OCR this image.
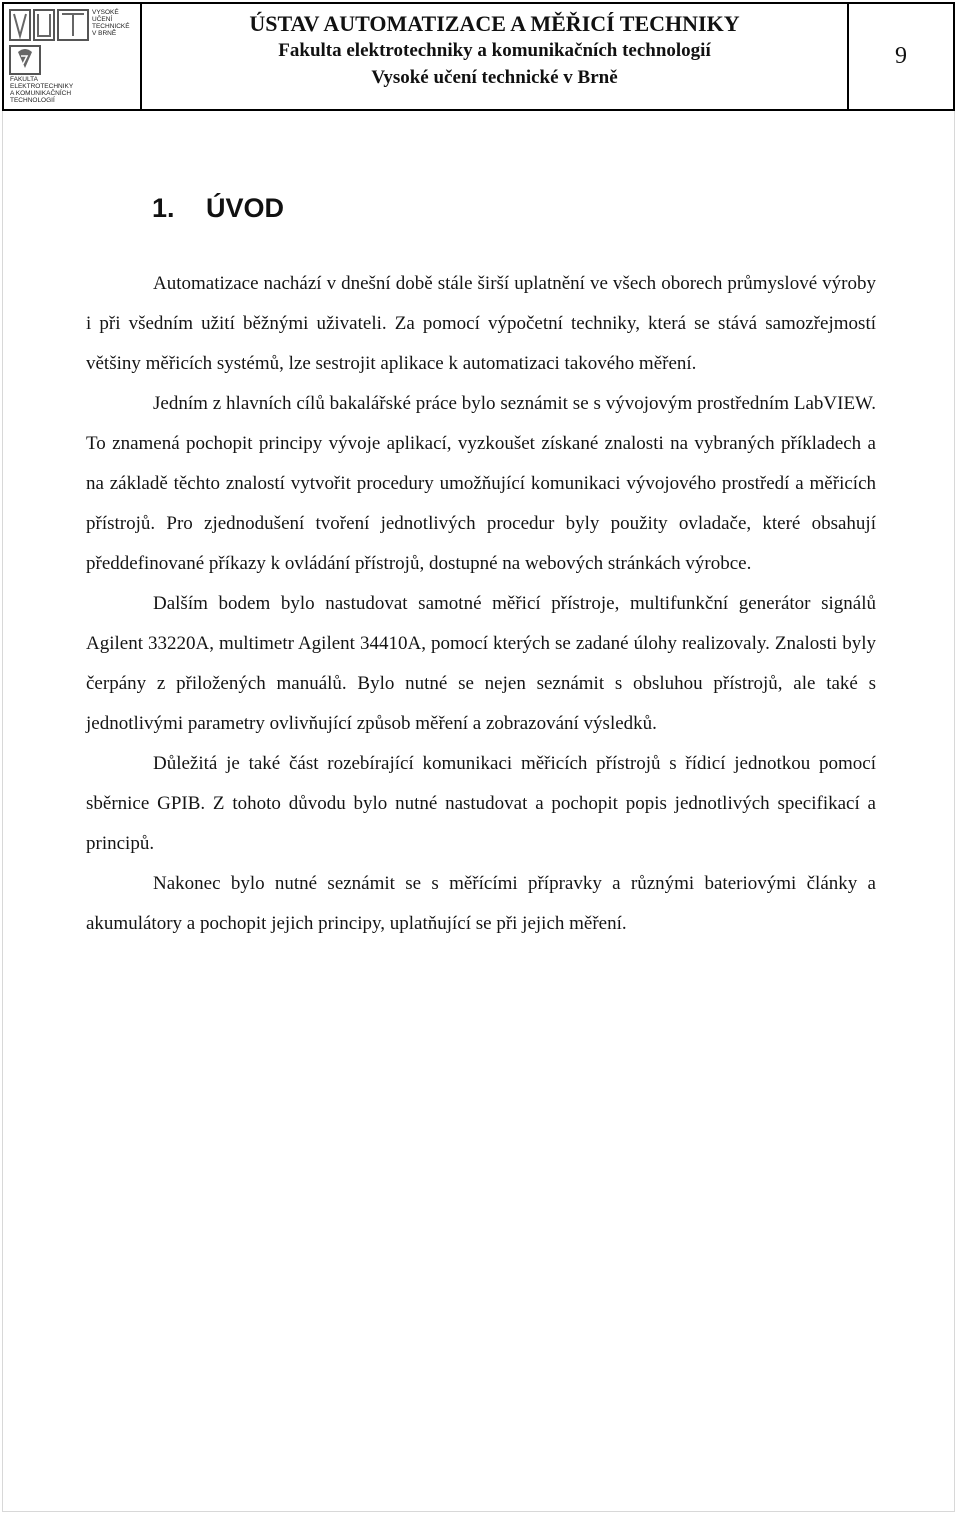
VYSOKÉ
UČENÍ
TECHNICKÉ
V BRNĚ
FAKULTA
ELEKTROTECHNIKY
A KOMUNIKAČNÍCH
TECHNOLOGIÍ
ÚSTAV AUTOMATIZACE A MĚŘICÍ TECHNIKY
Fakulta elektrotechniky a komunikačních technologií
Vysoké učení technické v Brně
9
1. ÚVOD

Automatizace nachází v dnešní době stále širší uplatnění ve všech oborech průmyslové výroby i při všedním užití běžnými uživateli. Za pomocí výpočetní techniky, která se stává samozřejmostí většiny měřicích systémů, lze sestrojit aplikace k automatizaci takového měření.

Jedním z hlavních cílů bakalářské práce bylo seznámit se s vývojovým prostředním LabVIEW. To znamená pochopit principy vývoje aplikací, vyzkoušet získané znalosti na vybraných příkladech a na základě těchto znalostí vytvořit procedury umožňující komunikaci vývojového prostředí a měřicích přístrojů. Pro zjednodušení tvoření jednotlivých procedur byly použity ovladače, které obsahují předdefinované příkazy k ovládání přístrojů, dostupné na webových stránkách výrobce.

Dalším bodem bylo nastudovat samotné měřicí přístroje, multifunkční generátor signálů Agilent 33220A, multimetr Agilent 34410A, pomocí kterých se zadané úlohy realizovaly. Znalosti byly čerpány z přiložených manuálů. Bylo nutné se nejen seznámit s obsluhou přístrojů, ale také s jednotlivými parametry ovlivňující způsob měření a zobrazování výsledků.

Důležitá je také část rozebírající komunikaci měřicích přístrojů s řídicí jednotkou pomocí sběrnice GPIB. Z tohoto důvodu bylo nutné nastudovat a pochopit popis jednotlivých specifikací a principů.

Nakonec bylo nutné seznámit se s měřícími přípravky a různými bateriovými články a akumulátory a pochopit jejich principy, uplatňující se při jejich měření.
